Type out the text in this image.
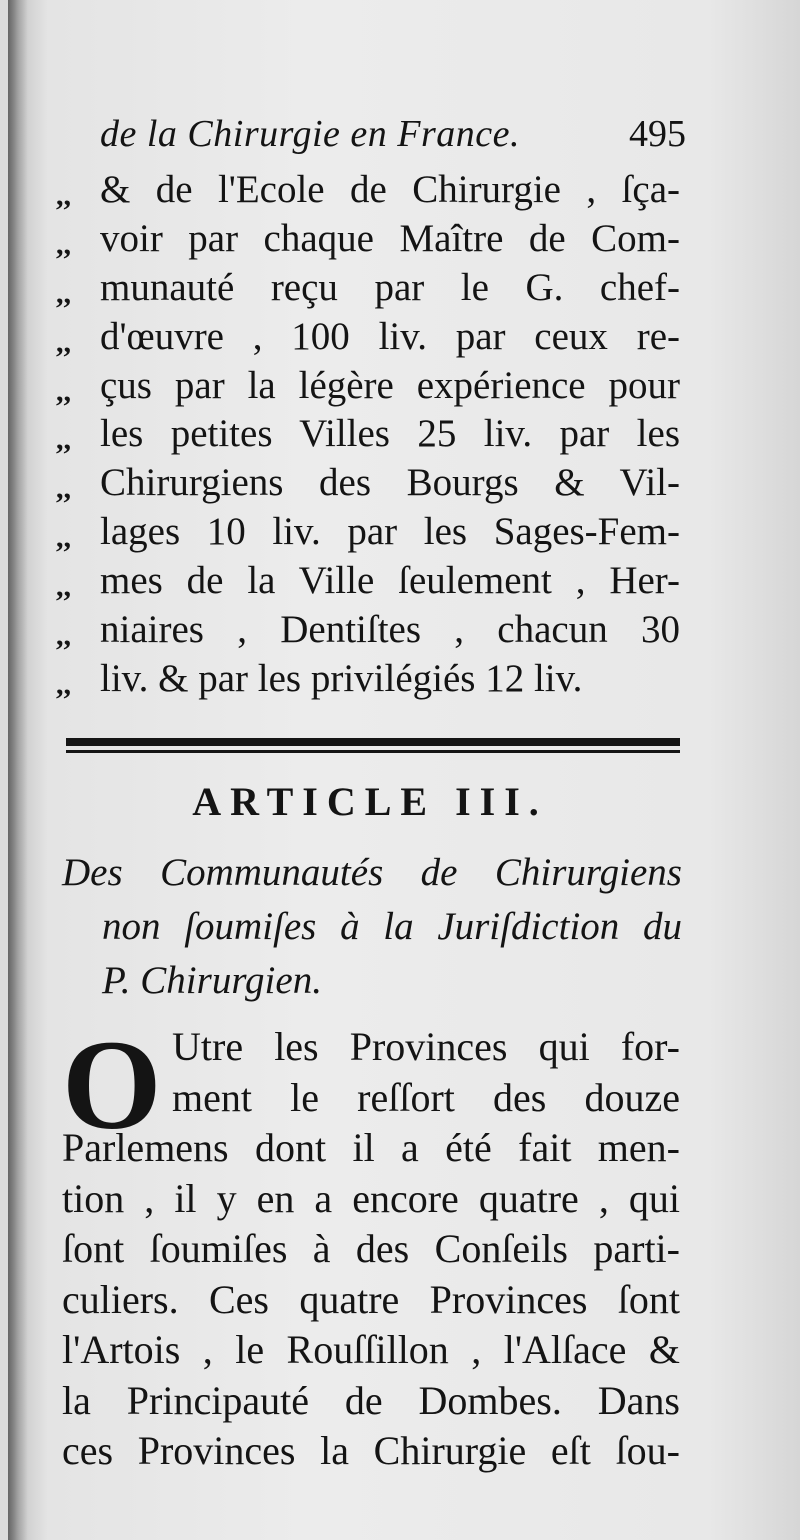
de la Chirurgie en France.	495
,,
,,
,,
,,
,,
,,
,,
,,
,,
,,
,,
& de l'Ecole de Chirurgie , ſça-
voir par chaque Maître de Com-
munauté reçu par le G. chef-
d'œuvre , 100 liv. par ceux re-
çus par la légère expérience pour
les petites Villes 25 liv. par les
Chirurgiens des Bourgs & Vil-
lages 10 liv. par les Sages-Fem-
mes de la Ville ſeulement , Her-
niaires , Dentiſtes , chacun 30
liv. & par les privilégiés 12 liv.
ARTICLE III.
Des Communautés de Chirurgiens
non ſoumiſes à la Juriſdiction du
P. Chirurgien.
O Utre les Provinces qui for-
ment le reſſort des douze
Parlemens dont il a été fait men-
tion , il y en a encore quatre , qui
ſont ſoumiſes à des Conſeils parti-
culiers. Ces quatre Provinces ſont
l'Artois , le Rouſſillon , l'Alſace &
la Principauté de Dombes. Dans
ces Provinces la Chirurgie eſt ſou-
